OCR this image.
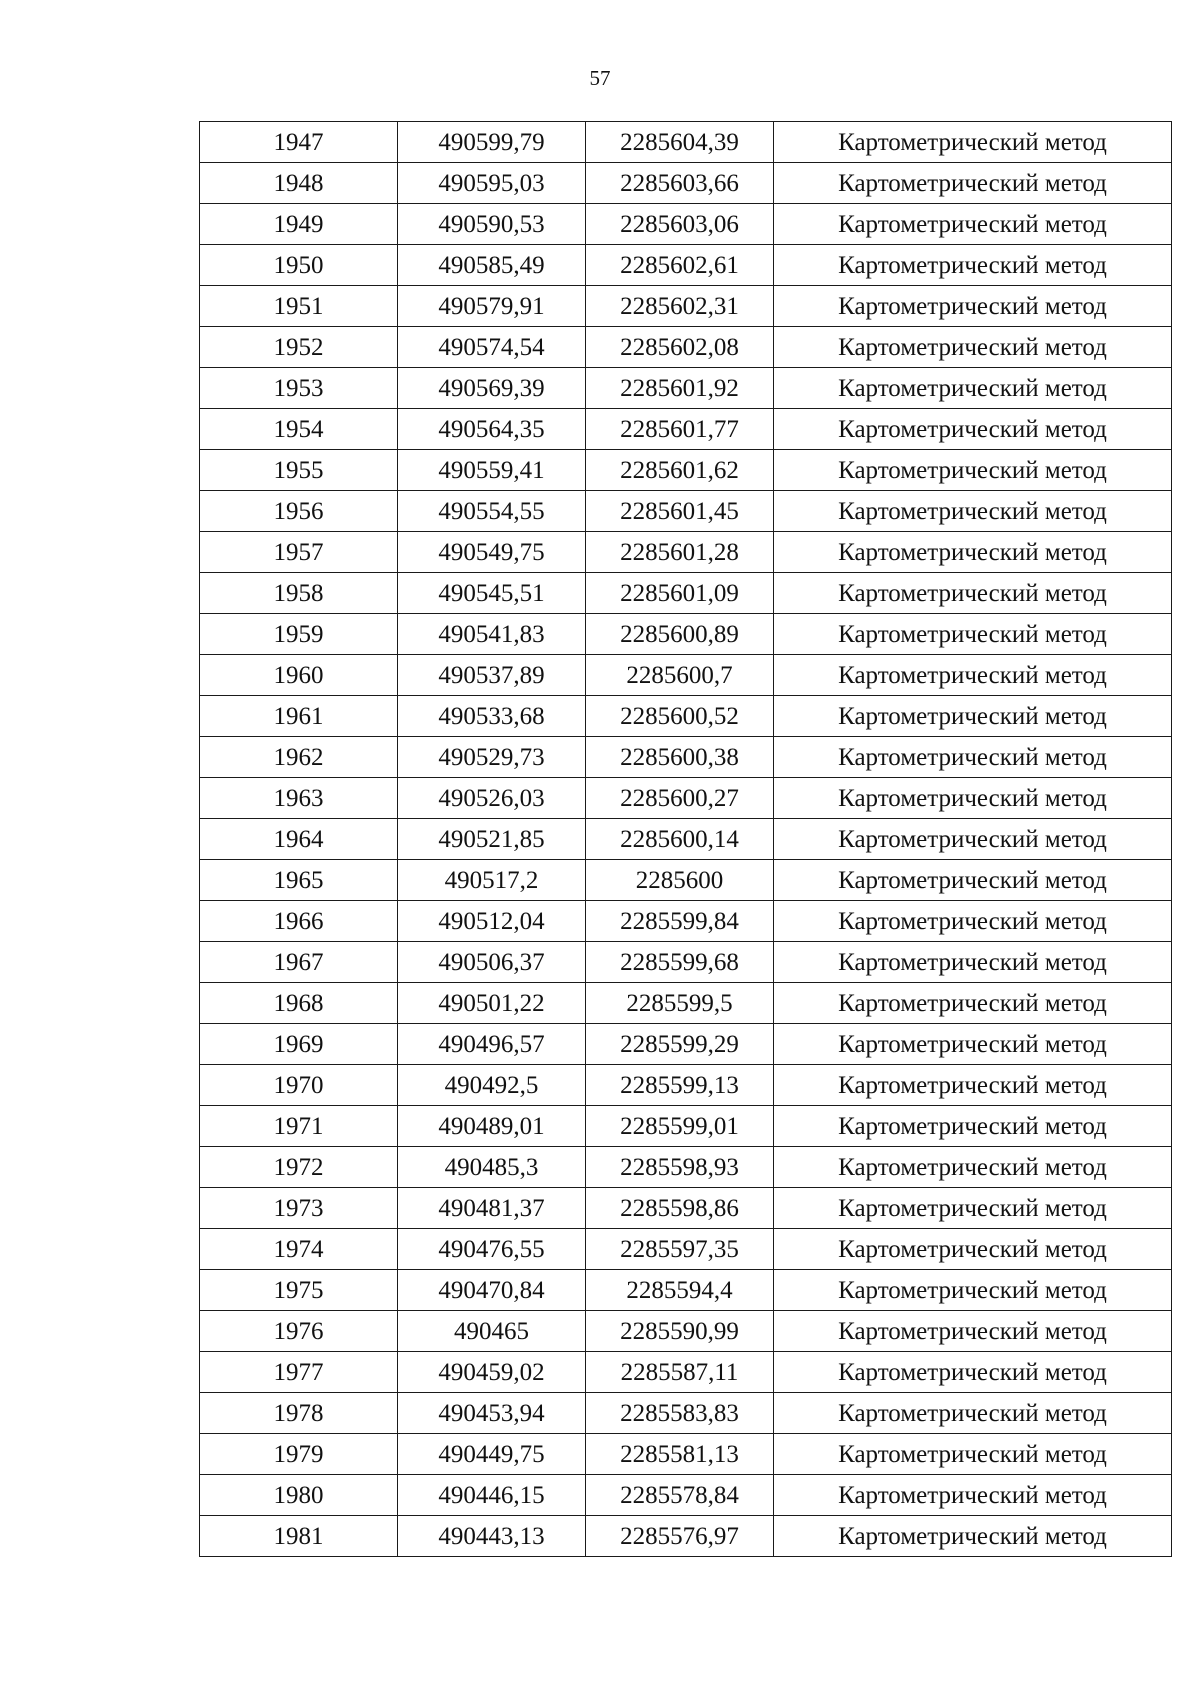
57
1947	490599,79	2285604,39	Картометрический метод
1948	490595,03	2285603,66	Картометрический метод
1949	490590,53	2285603,06	Картометрический метод
1950	490585,49	2285602,61	Картометрический метод
1951	490579,91	2285602,31	Картометрический метод
1952	490574,54	2285602,08	Картометрический метод
1953	490569,39	2285601,92	Картометрический метод
1954	490564,35	2285601,77	Картометрический метод
1955	490559,41	2285601,62	Картометрический метод
1956	490554,55	2285601,45	Картометрический метод
1957	490549,75	2285601,28	Картометрический метод
1958	490545,51	2285601,09	Картометрический метод
1959	490541,83	2285600,89	Картометрический метод
1960	490537,89	2285600,7	Картометрический метод
1961	490533,68	2285600,52	Картометрический метод
1962	490529,73	2285600,38	Картометрический метод
1963	490526,03	2285600,27	Картометрический метод
1964	490521,85	2285600,14	Картометрический метод
1965	490517,2	2285600	Картометрический метод
1966	490512,04	2285599,84	Картометрический метод
1967	490506,37	2285599,68	Картометрический метод
1968	490501,22	2285599,5	Картометрический метод
1969	490496,57	2285599,29	Картометрический метод
1970	490492,5	2285599,13	Картометрический метод
1971	490489,01	2285599,01	Картометрический метод
1972	490485,3	2285598,93	Картометрический метод
1973	490481,37	2285598,86	Картометрический метод
1974	490476,55	2285597,35	Картометрический метод
1975	490470,84	2285594,4	Картометрический метод
1976	490465	2285590,99	Картометрический метод
1977	490459,02	2285587,11	Картометрический метод
1978	490453,94	2285583,83	Картометрический метод
1979	490449,75	2285581,13	Картометрический метод
1980	490446,15	2285578,84	Картометрический метод
1981	490443,13	2285576,97	Картометрический метод
